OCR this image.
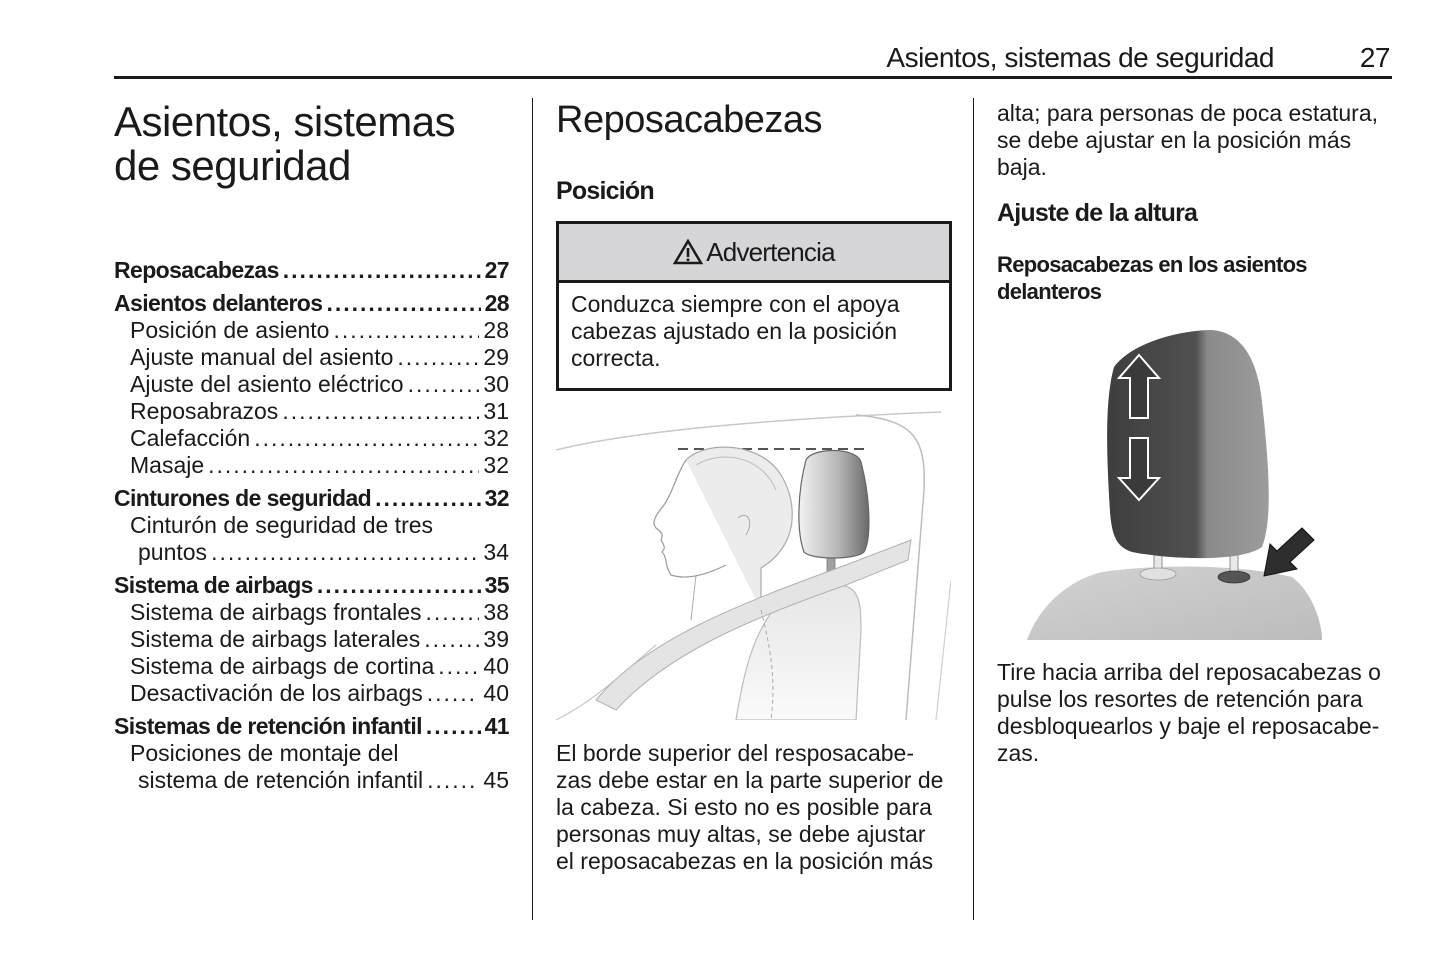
Asientos, sistemas de seguridad	27
Asientos, sistemas
de seguridad
Reposacabezas . . .	27
Asientos delanteros . . .	28
Posición de asiento . . .	28
Ajuste manual del asiento . . .	29
Ajuste del asiento eléctrico . . .	30
Reposabrazos . . .	31
Calefacción . . .	32
Masaje . . .	32
Cinturones de seguridad . . .	32
Cinturón de seguridad de tres
puntos . . .	34
Sistema de airbags . . .	35
Sistema de airbags frontales . . .	38
Sistema de airbags laterales . . .	39
Sistema de airbags de cortina . . . 40
Desactivación de los airbags . . .	40
Sistemas de retención infantil . . .	41
Posiciones de montaje del
sistema de retención infantil . . .	45
Reposacabezas
Posición
Advertencia
Conduzca siempre con el apoya cabezas ajustado en la posición correcta.
El borde superior del resposacabe-
zas debe estar en la parte superior de
la cabeza. Si esto no es posible para
personas muy altas, se debe ajustar
el reposacabezas en la posición más
alta; para personas de poca estatura,
se debe ajustar en la posición más
baja.
Ajuste de la altura
Reposacabezas en los asientos
delanteros
Tire hacia arriba del reposacabezas o
pulse los resortes de retención para
desbloquearlos y baje el reposacabe-
zas.
